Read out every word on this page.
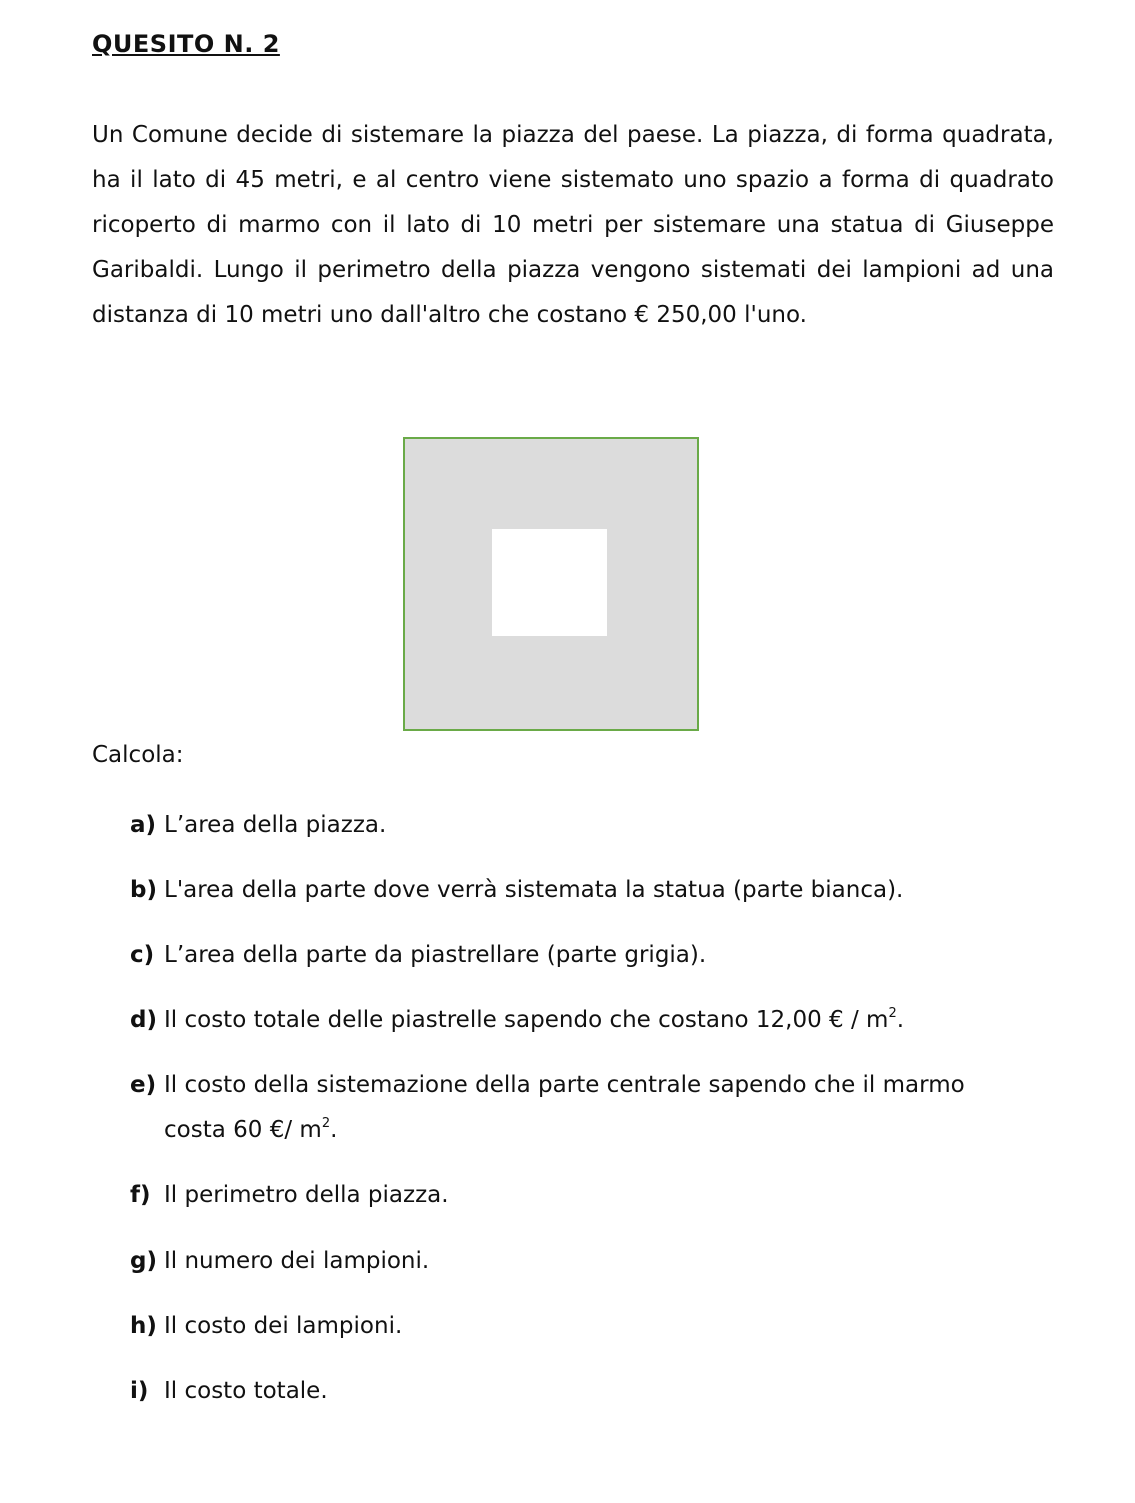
QUESITO N. 2

Un Comune decide di sistemare la piazza del paese. La piazza, di forma quadrata, ha il lato di 45 metri, e al centro viene sistemato uno spazio a forma di quadrato ricoperto di marmo con il lato di 10 metri per sistemare una statua di Giuseppe Garibaldi. Lungo il perimetro della piazza vengono sistemati dei lampioni ad una distanza di 10 metri uno dall'altro che costano € 250,00 l'uno.

Calcola:
a) L’area della piazza.
b) L'area della parte dove verrà sistemata la statua (parte bianca).
c) L’area della parte da piastrellare (parte grigia).
d) Il costo totale delle piastrelle sapendo che costano 12,00 € / $m^2$.
e) Il costo della sistemazione della parte centrale sapendo che il marmo
costa 60 €/ $m^2$.
f) Il perimetro della piazza.
g) Il numero dei lampioni.
h) Il costo dei lampioni.
i) Il costo totale.
